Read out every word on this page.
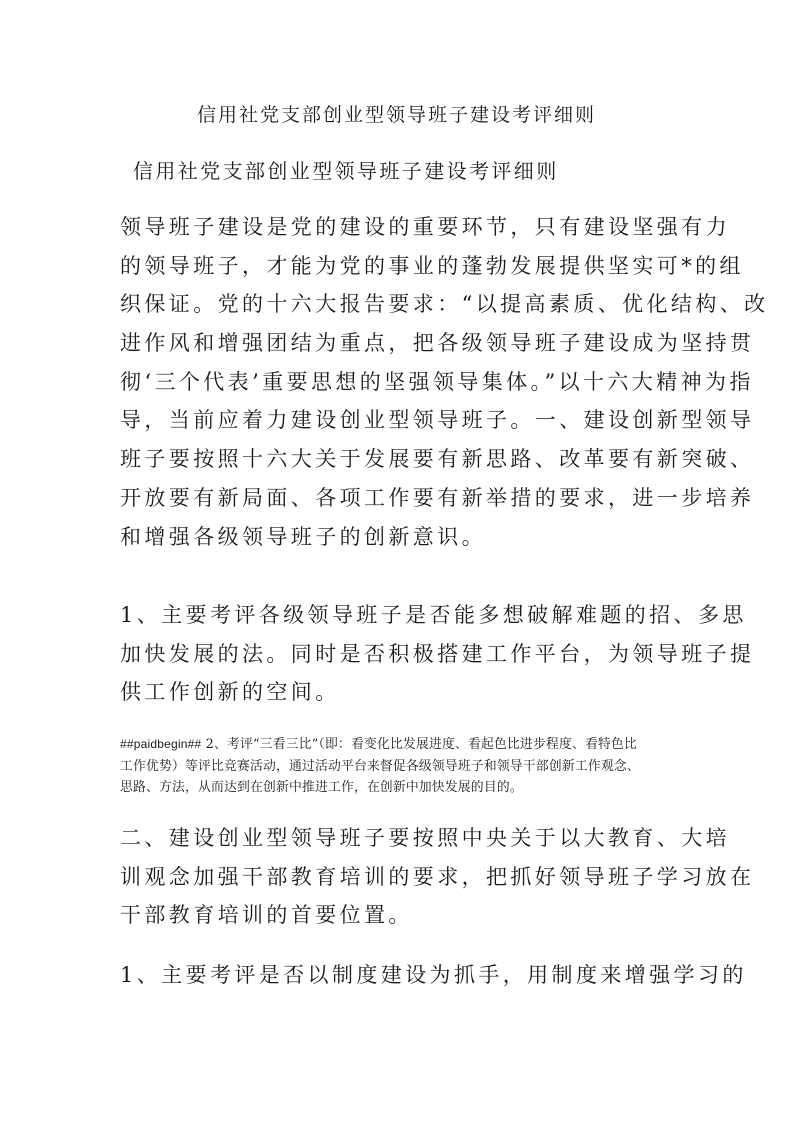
信用社党支部创业型领导班子建设考评细则
信用社党支部创业型领导班子建设考评细则
领导班子建设是党的建设的重要环节，只有建设坚强有力
的领导班子，才能为党的事业的蓬勃发展提供坚实可*的组
织保证。党的十六大报告要求：“以提高素质、优化结构、改
进作风和增强团结为重点，把各级领导班子建设成为坚持贯
彻‘三个代表’重要思想的坚强领导集体。”以十六大精神为指
导，当前应着力建设创业型领导班子。一、建设创新型领导
班子要按照十六大关于发展要有新思路、改革要有新突破、
开放要有新局面、各项工作要有新举措的要求，进一步培养
和增强各级领导班子的创新意识。
1、主要考评各级领导班子是否能多想破解难题的招、多思
加快发展的法。同时是否积极搭建工作平台，为领导班子提
供工作创新的空间。
##paidbegin## 2、考评“三看三比”（即：看变化比发展进度、看起色比进步程度、看特色比
工作优势）等评比竞赛活动，通过活动平台来督促各级领导班子和领导干部创新工作观念、
思路、方法，从而达到在创新中推进工作，在创新中加快发展的目的。
二、建设创业型领导班子要按照中央关于以大教育、大培
训观念加强干部教育培训的要求，把抓好领导班子学习放在
干部教育培训的首要位置。
1、主要考评是否以制度建设为抓手，用制度来增强学习的
